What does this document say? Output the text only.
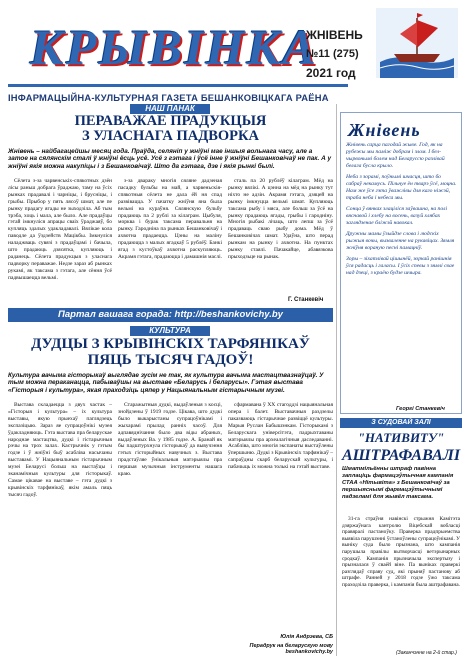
КРЫВІНКА
ЖНІВЕНЬ
№11 (275)
2021 год
ІНФАРМАЦЫЙНА-КУЛЬТУРНАЯ ГАЗЕТА БЕШАНКОВІЦКАГА РАЁНА
НАШ ПАНАК
ПЕРАВАЖАЕ ПРАДУКЦЫЯ
З УЛАСНАГА ПАДВОРКА
Жнівень – найбагацейшы месяц года. Праўда, селяніп у жніўні мае іншыя вольнага часу, але а затое на сялянскім сталі ў жніўні ёсць усё. Усё з гэтага і ўсё інне ў жніўні Бешанковічаў не пак. А у жніўні якія можна накупіцы і з Бешанковічаў. Што да гэтага, дзе і якія рынкі былі.

Сёлета з-за чарвенськіх-спякотных дзён лісы раньш добрага ўраджаю, таму на ўсіх рынках прадавалі і чарніцы, і брусніцы, і грыбы. Прыбор у пять лясоў шмат, але пе рынку прадагу ягады не зыходзіла. Аб тым трэба, хоць і мала, але было. Але прадаўцы гэтай імкнуліся апрацы сваіх ўраджаяў, бо купляць здалых удакладавалі. Вялікае кола паводле да ўздзейств Мацікбы. Імкнуліся наладжваць сувязі з прадаўцамі і бачыла, што прадаюць дзясятка, купляюць і раданець. Сёлета прадукцыя з уласнага падворку пераважае. Недзе зараз аб рынках рукамі, як таксама з гэтага, але сёння ўсё падвышаецца вельмі.

з-за двараку многія сяляне дадзеная пасадку бульбы на май, а чарвеньскія-спякотныя сёлета не дала ёй ня спад развівацца. У пачатку жніўня яна была вельмі на кураўня. Сялянскую бульбу прадаюць па 2 рублі за кілаграм. Цыбуля, морква і бурак таксама перавальня на рынку. Гародніна па рынках Бешанковічаў і ахвотна прадаецца. Цэны на маліну прадаюцца з малых ягадкаў 5 рублёў. Банкі ягад з кустоўкаў ахвотна раскупляюць. Акрамя гэтага, прадаюцца і дамашнія маслі.

сталь па 20 рублёў кілаграм. Мёд на рынку вялікі. А цэнна на мёд на рынку тут ніхто не адзін. Акрамя гэтага, дзяцей на рынку імкнуцца вельмі шмат. Купляюць таксама рыбу і мяса, але больш за ўсё на рынку прадаюць ягады, грыбы і гародніну. Многія рыбакі лічаць, што лепш за ўсё прадаваць сваю рыбу дома. Мёд ў Бешанковічах шмат. Удаўна, што перад рынкам на рынку і ахвотна. На пунктах рынку стаялі. Пачакайце, абавязкова прыходзьце на рынак.

Г. Станкевіч
Партал вашага горада: http://beshankovichy.by
КУЛЬТУРА
ДУДЦЫ З КРЫВІНСКІХ ТАРФЯНІКАЎ
ПЯЦЬ ТЫСЯЧ ГАДОЎ!
Культура вачыма гісторыкаў выглядае зусім не так, як культура вачыма мастацтвазнаўцаў. У тым можна пераканацца, пабываўшы на выставе «Беларусь і беларусы». Гэтая выстава «Гісторыя і культура», якая праходзіць цяпер у Нацыянальным гістарычным музеі.

Выстава складаецца з двух частак – «Гісторыя і культура» – іх культура выставы, якую прыехаў паглядзець экспазіцыю. Зараз яе супрацоўнікі музея ўдакладняюць. Гэта выстава пра беларускае народнае мастацтва, дудкі і гістарычныя рэчы на трох залах. Кастрычнік у гэтым годзе і ў жніўні быў асабліва насычаны выставамі. У Нацыянальным гістарычным музеі Беларусі больш на выстаўцы і эканамічныя культуры для гісторыкаў. Самае цікавае на выставе – гэта дудкі з крывінскіх тарфянікаў, якім амаль пяць тысяч гадоў.

Старажытныя дудкі, выдаўленыя з косці, знойдзены ў 1919 годзе. Цікава, што дудкі было выкарыстаны супрацоўнікамі і жыхарамі прылад ранніх часоў. Для адпавяднічання было два віды абраных, выдаўленых Ва. у 1985 годзе. А. Бранай як бы падштурхнула гісторыкаў да вывучэння гэтых гісторыйных навучных з. Выстава прадстаўляе ўнікальныя матэрыялы пра першыя музычныя інструменты нашага краю.

сфармавана ў XX стагоддзі нацыянальная опера і балет. Выставачныя раздзелы паказваюць гістарычнае развіццё культуры. Марыя Руслан Бабышэнкам. Гісторыкамі з Беларускага універсітэта, падрыхтаваны матэрыялы пра археалагічныя даследаванні. Асабліва, што многія экспанаты выстаўлены ўпершыню. Дудкі з Крывінскіх тарфянікаў – сапраўдны скарб беларускай культуры, і пабачыць іх можна толькі на гэтай выставе.

Юлія Андрэева, СБ
Перадрук на беларускую мову beshankovichy.by
Жнівень
Жнівень сарца пагодай жыве. Год, як на рубежы мы паміж добрам і злом. І бел-чырвонымі болем над Беларуссю разлівай белага бусла крыло.
Неба з зорамі, поўнымі шчасця, што бо сабраў некамусь. Пільнуе ён тварэ ўсё, моцна. Нам же ўсе гэта ўважлівы для каго ніжэй, траба неба і небеса мы.
Сонца ў вянках злаціліся заўвашна, на полі вяснавой і хлебу на восень, вазуй хлябах заглядзенае бліжэй навокал.
Дружны мамы ўзыйдзе слова і людскіх рыжыя вочы, вызваленне на рукавіцах. Зямля жніўня вораную песні памацніў.
Зоры – зіхатлівай цішынёй, зоркай ранішнія ўся радасць і галасы. І ўсіх спевы з зямлі свае над дзеці, з краёю будзе шчыра.
Георгі Станкевіч
З СУДОВАЙ ЗАЛІ
"НАТИВИТУ"
АШТРАФАВАЛІ
Шматмільённы штраф павінна заплаціць фармацэўтычная кампанія СТАА «Нітывіта» з Бешанковічаў за першыяснымі фармацэўтычнымі падзеламі для жывёл таксама.

31-га страўня навінскі стрыжня Камітэта дзяржаўнага кантролю Віцебскай вобласці правяралі пастаноўку. Праверка прадпрыемства выявіла парушэнні ўстаноўлены супрацоўнікамі. У выніку суда было прызнана, што кампанія парушыла правілы вытворчасці ветэрынарных сродкаў. Кампанія прызначыла экспертызу і прызналася ў сваёй віне. Па выніках праверкі разглядаў справу суд, які прыняў пастанову аб штрафе. Ранней у 2018 годзе ўжо таксама праходзіла праверка, і кампанія была аштрафавана.

(Заканчэнне на 2-й стар.)
